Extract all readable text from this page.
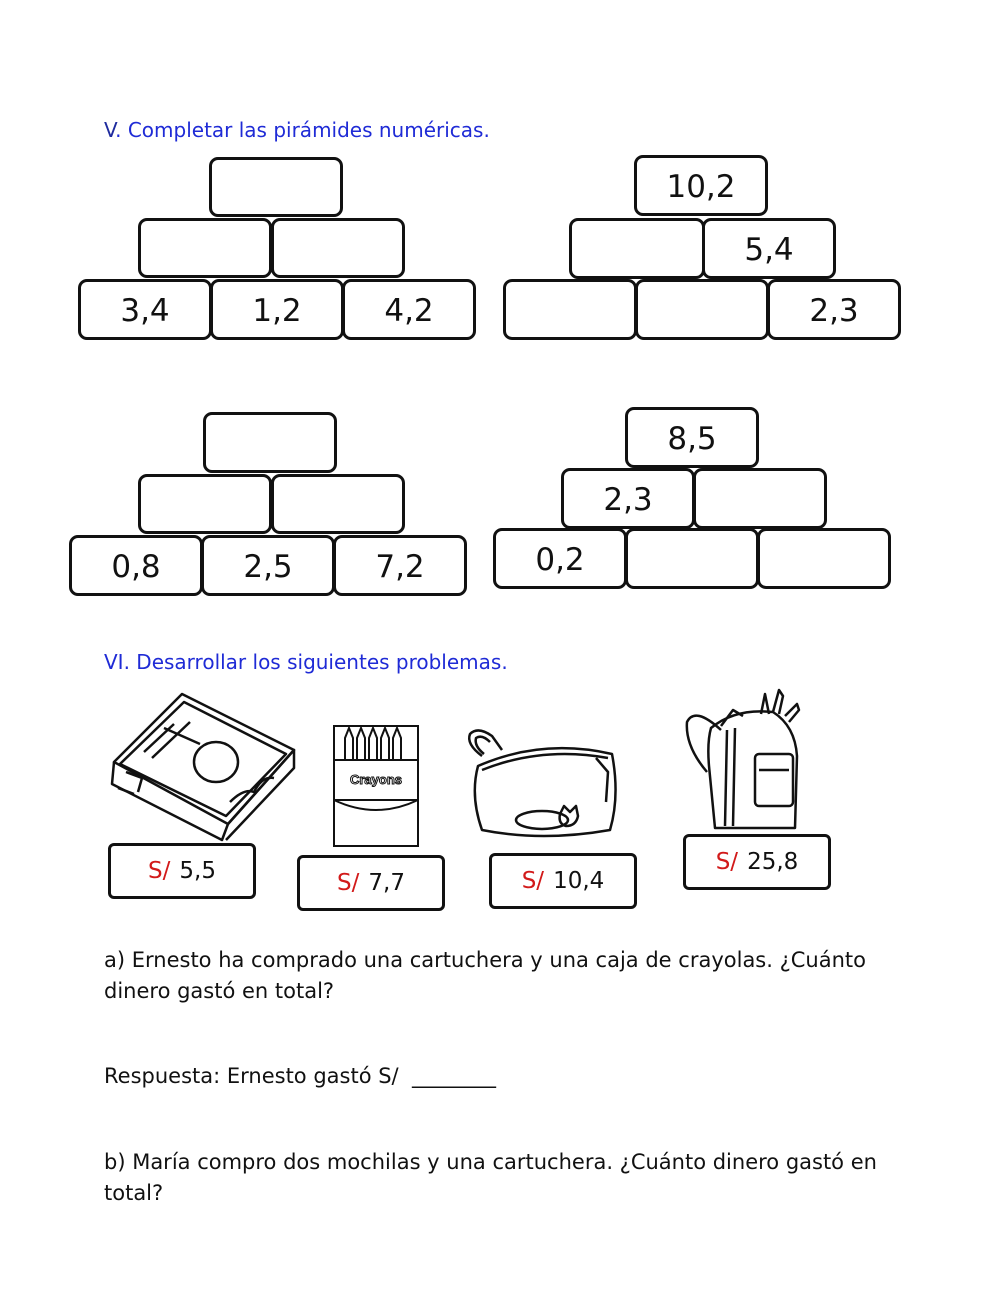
V. Completar las pirámides numéricas.
3,4	1,2	4,2
10,2
5,4
2,3
0,8	2,5	7,2
8,5
2,3
0,2
VI. Desarrollar los siguientes problemas.
Crayons
S/ 5,5	S/ 7,7	S/ 10,4
S/ 25,8
a) Ernesto ha comprado una cartuchera y una caja de crayolas. ¿Cuánto
dinero gastó en total?
Respuesta: Ernesto gastó S/  ________
b) María compro dos mochilas y una cartuchera. ¿Cuánto dinero gastó en
total?
